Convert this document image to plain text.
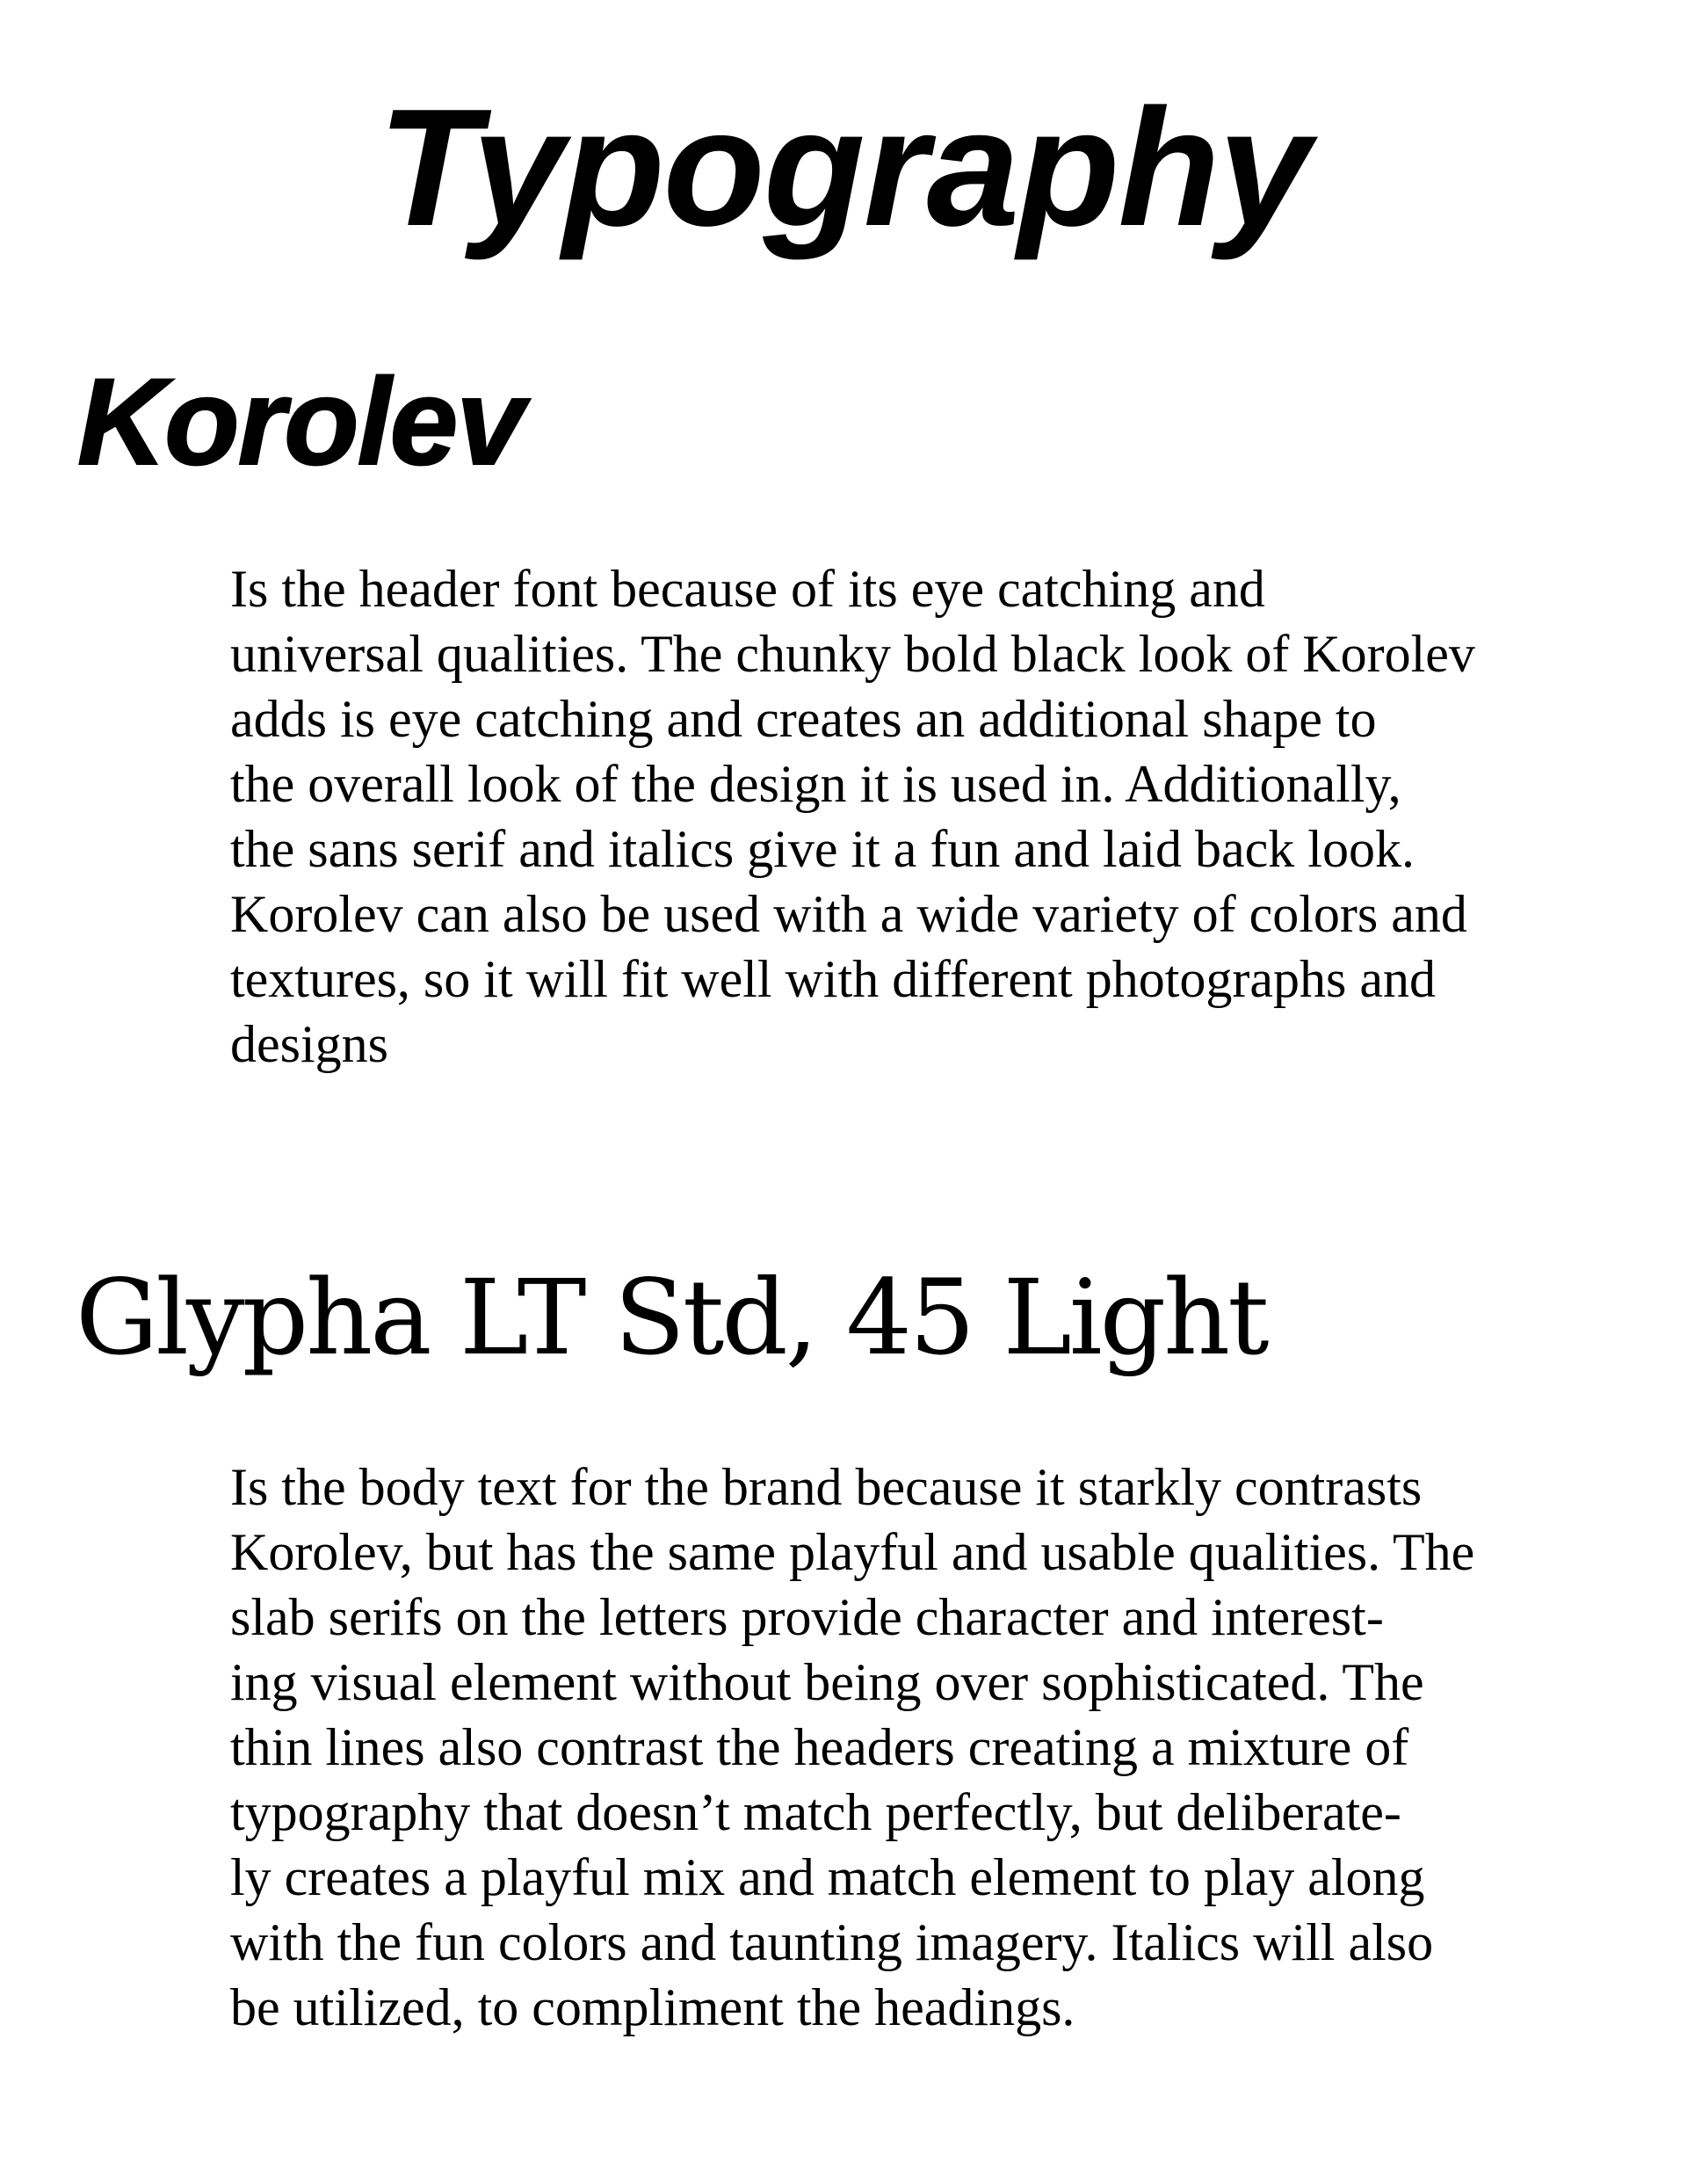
Typography
Korolev
Is the header font because of its eye catching and
universal qualities. The chunky bold black look of Korolev
adds is eye catching and creates an additional shape to
the overall look of the design it is used in. Additionally,
the sans serif and italics give it a fun and laid back look.
Korolev can also be used with a wide variety of colors and
textures, so it will fit well with different photographs and
designs
Glypha LT Std, 45 Light
Is the body text for the brand because it starkly contrasts
Korolev, but has the same playful and usable qualities. The
slab serifs on the letters provide character and interest-
ing visual element without being over sophisticated. The
thin lines also contrast the headers creating a mixture of
typography that doesn’t match perfectly, but deliberate-
ly creates a playful mix and match element to play along
with the fun colors and taunting imagery. Italics will also
be utilized, to compliment the headings.
